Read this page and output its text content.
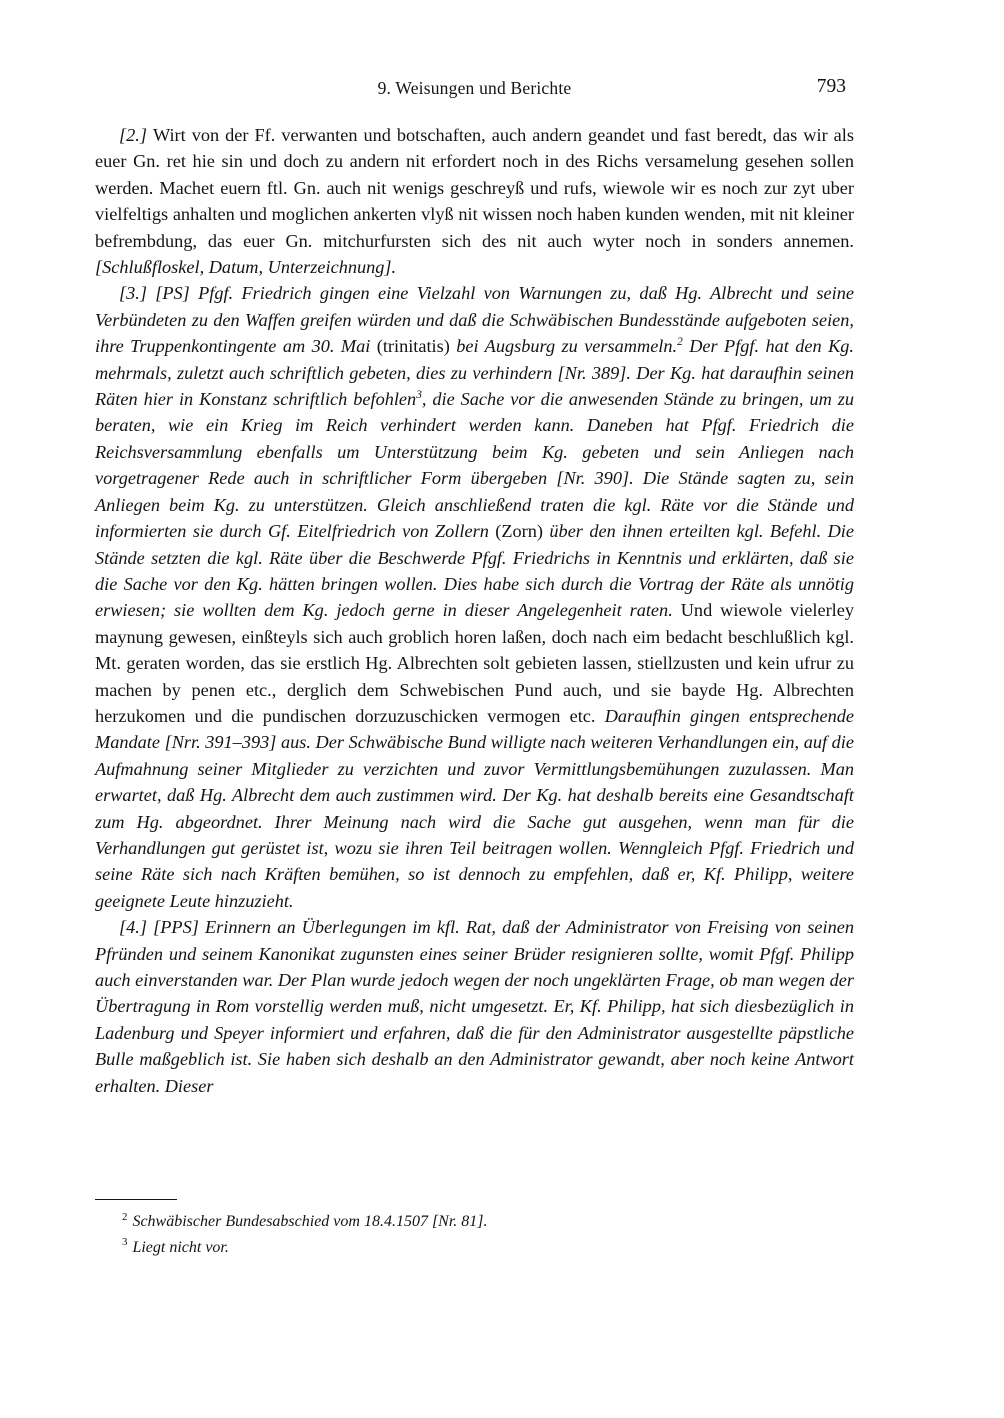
9. Weisungen und Berichte	793

[2.] Wirt von der Ff. verwanten und botschaften, auch andern geandet und fast beredt, das wir als euer Gn. ret hie sin und doch zu andern nit erfordert noch in des Richs versamelung gesehen sollen werden. Machet euern ftl. Gn. auch nit wenigs geschreyß und rufs, wiewole wir es noch zur zyt uber vielfeltigs anhalten und moglichen ankerten vlyß nit wissen noch haben kunden wenden, mit nit kleiner befrembdung, das euer Gn. mitchurfursten sich des nit auch wyter noch in sonders annemen. [Schlußfloskel, Datum, Unterzeichnung].

[3.] [PS] Pfgf. Friedrich gingen eine Vielzahl von Warnungen zu, daß Hg. Albrecht und seine Verbündeten zu den Waffen greifen würden und daß die Schwäbischen Bundesstände aufgeboten seien, ihre Truppenkontingente am 30. Mai (trinitatis) bei Augsburg zu versammeln.$^2$ Der Pfgf. hat den Kg. mehrmals, zuletzt auch schriftlich gebeten, dies zu verhindern [Nr. 389]. Der Kg. hat daraufhin seinen Räten hier in Konstanz schriftlich befohlen$^3$, die Sache vor die anwesenden Stände zu bringen, um zu beraten, wie ein Krieg im Reich verhindert werden kann. Daneben hat Pfgf. Friedrich die Reichsversammlung ebenfalls um Unterstützung beim Kg. gebeten und sein Anliegen nach vorgetragener Rede auch in schriftlicher Form übergeben [Nr. 390]. Die Stände sagten zu, sein Anliegen beim Kg. zu unterstützen. Gleich anschließend traten die kgl. Räte vor die Stände und informierten sie durch Gf. Eitelfriedrich von Zollern (Zorn) über den ihnen erteilten kgl. Befehl. Die Stände setzten die kgl. Räte über die Beschwerde Pfgf. Friedrichs in Kenntnis und erklärten, daß sie die Sache vor den Kg. hätten bringen wollen. Dies habe sich durch die Vortrag der Räte als unnötig erwiesen; sie wollten dem Kg. jedoch gerne in dieser Angelegenheit raten. Und wiewole vielerley maynung gewesen, einßteyls sich auch groblich horen laßen, doch nach eim bedacht beschlußlich kgl. Mt. geraten worden, das sie erstlich Hg. Albrechten solt gebieten lassen, stiellzusten und kein ufrur zu machen by penen etc., derglich dem Schwebischen Pund auch, und sie bayde Hg. Albrechten herzukomen und die pundischen dorzuzuschicken vermogen etc. Daraufhin gingen entsprechende Mandate [Nrr. 391–393] aus. Der Schwäbische Bund willigte nach weiteren Verhandlungen ein, auf die Aufmahnung seiner Mitglieder zu verzichten und zuvor Vermittlungsbemühungen zuzulassen. Man erwartet, daß Hg. Albrecht dem auch zustimmen wird. Der Kg. hat deshalb bereits eine Gesandtschaft zum Hg. abgeordnet. Ihrer Meinung nach wird die Sache gut ausgehen, wenn man für die Verhandlungen gut gerüstet ist, wozu sie ihren Teil beitragen wollen. Wenngleich Pfgf. Friedrich und seine Räte sich nach Kräften bemühen, so ist dennoch zu empfehlen, daß er, Kf. Philipp, weitere geeignete Leute hinzuzieht.

[4.] [PPS] Erinnern an Überlegungen im kfl. Rat, daß der Administrator von Freising von seinen Pfründen und seinem Kanonikat zugunsten eines seiner Brüder resignieren sollte, womit Pfgf. Philipp auch einverstanden war. Der Plan wurde jedoch wegen der noch ungeklärten Frage, ob man wegen der Übertragung in Rom vorstellig werden muß, nicht umgesetzt. Er, Kf. Philipp, hat sich diesbezüglich in Ladenburg und Speyer informiert und erfahren, daß die für den Administrator ausgestellte päpstliche Bulle maßgeblich ist. Sie haben sich deshalb an den Administrator gewandt, aber noch keine Antwort erhalten. Dieser

$^2$ Schwäbischer Bundesabschied vom 18.4.1507 [Nr. 81].

$^3$ Liegt nicht vor.
